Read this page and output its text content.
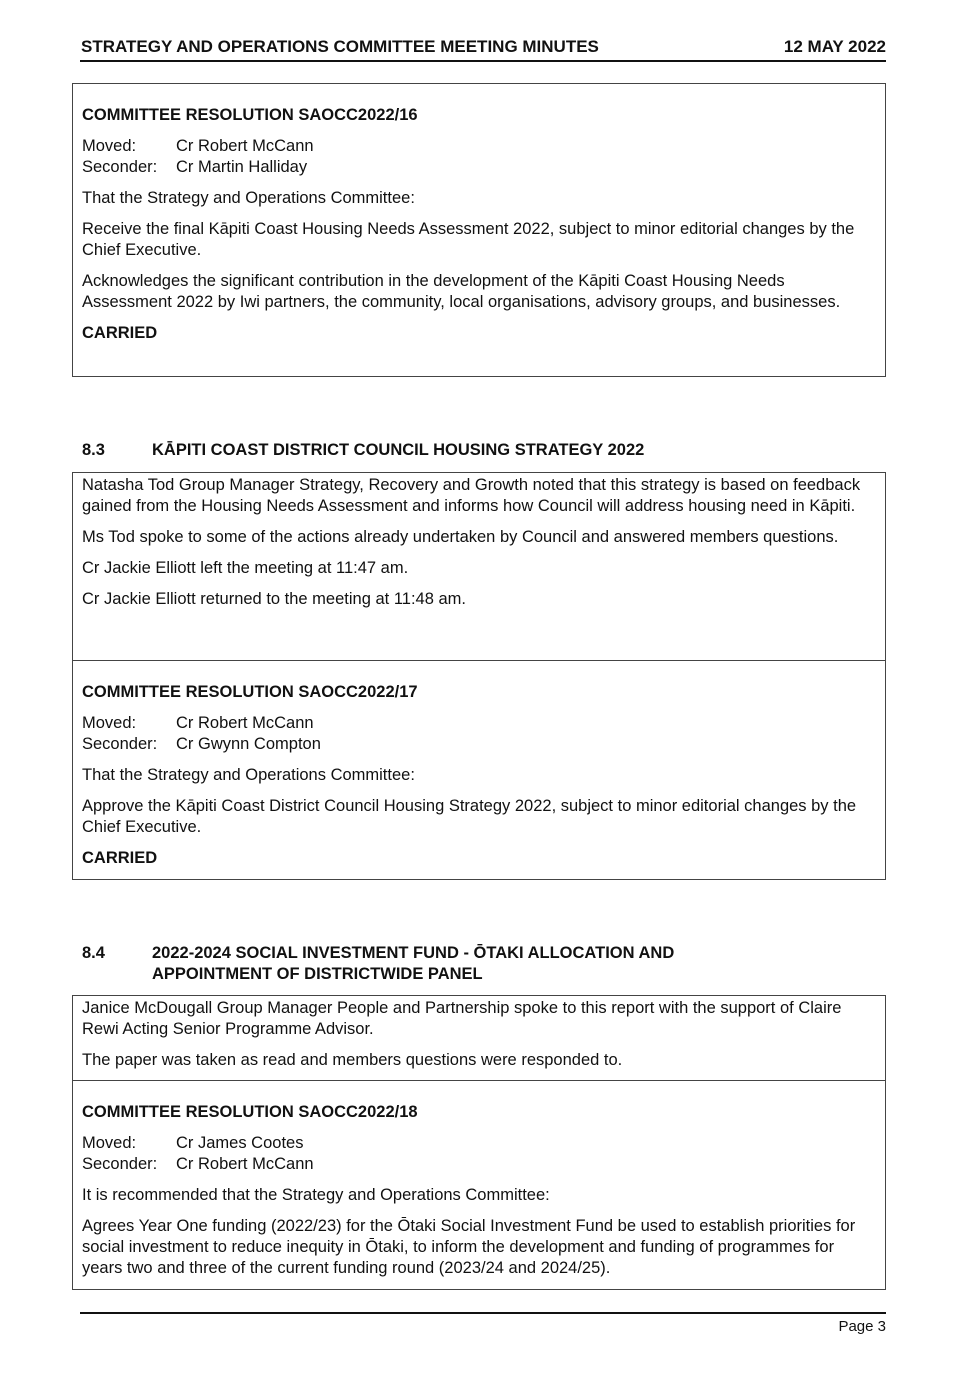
STRATEGY AND OPERATIONS COMMITTEE MEETING MINUTES	12 MAY 2022

COMMITTEE RESOLUTION SAOCC2022/16

Moved:	Cr Robert McCann
Seconder:	Cr Martin Halliday

That the Strategy and Operations Committee:

Receive the final Kāpiti Coast Housing Needs Assessment 2022, subject to minor editorial changes by the Chief Executive.

Acknowledges the significant contribution in the development of the Kāpiti Coast Housing Needs Assessment 2022 by Iwi partners, the community, local organisations, advisory groups, and businesses.

CARRIED

8.3	KĀPITI COAST DISTRICT COUNCIL HOUSING STRATEGY 2022

Natasha Tod Group Manager Strategy, Recovery and Growth noted that this strategy is based on feedback gained from the Housing Needs Assessment and informs how Council will address housing need in Kāpiti.

Ms Tod spoke to some of the actions already undertaken by Council and answered members questions.

Cr Jackie Elliott left the meeting at 11:47 am.

Cr Jackie Elliott returned to the meeting at 11:48 am.

COMMITTEE RESOLUTION SAOCC2022/17

Moved:	Cr Robert McCann
Seconder:	Cr Gwynn Compton

That the Strategy and Operations Committee:

Approve the Kāpiti Coast District Council Housing Strategy 2022, subject to minor editorial changes by the Chief Executive.

CARRIED

8.4	2022-2024 SOCIAL INVESTMENT FUND - ŌTAKI ALLOCATION AND
APPOINTMENT OF DISTRICTWIDE PANEL

Janice McDougall Group Manager People and Partnership spoke to this report with the support of Claire Rewi Acting Senior Programme Advisor.

The paper was taken as read and members questions were responded to.

COMMITTEE RESOLUTION SAOCC2022/18

Moved:	Cr James Cootes
Seconder:	Cr Robert McCann

It is recommended that the Strategy and Operations Committee:

Agrees Year One funding (2022/23) for the Ōtaki Social Investment Fund be used to establish priorities for social investment to reduce inequity in Ōtaki, to inform the development and funding of programmes for years two and three of the current funding round (2023/24 and 2024/25).

Page 3
